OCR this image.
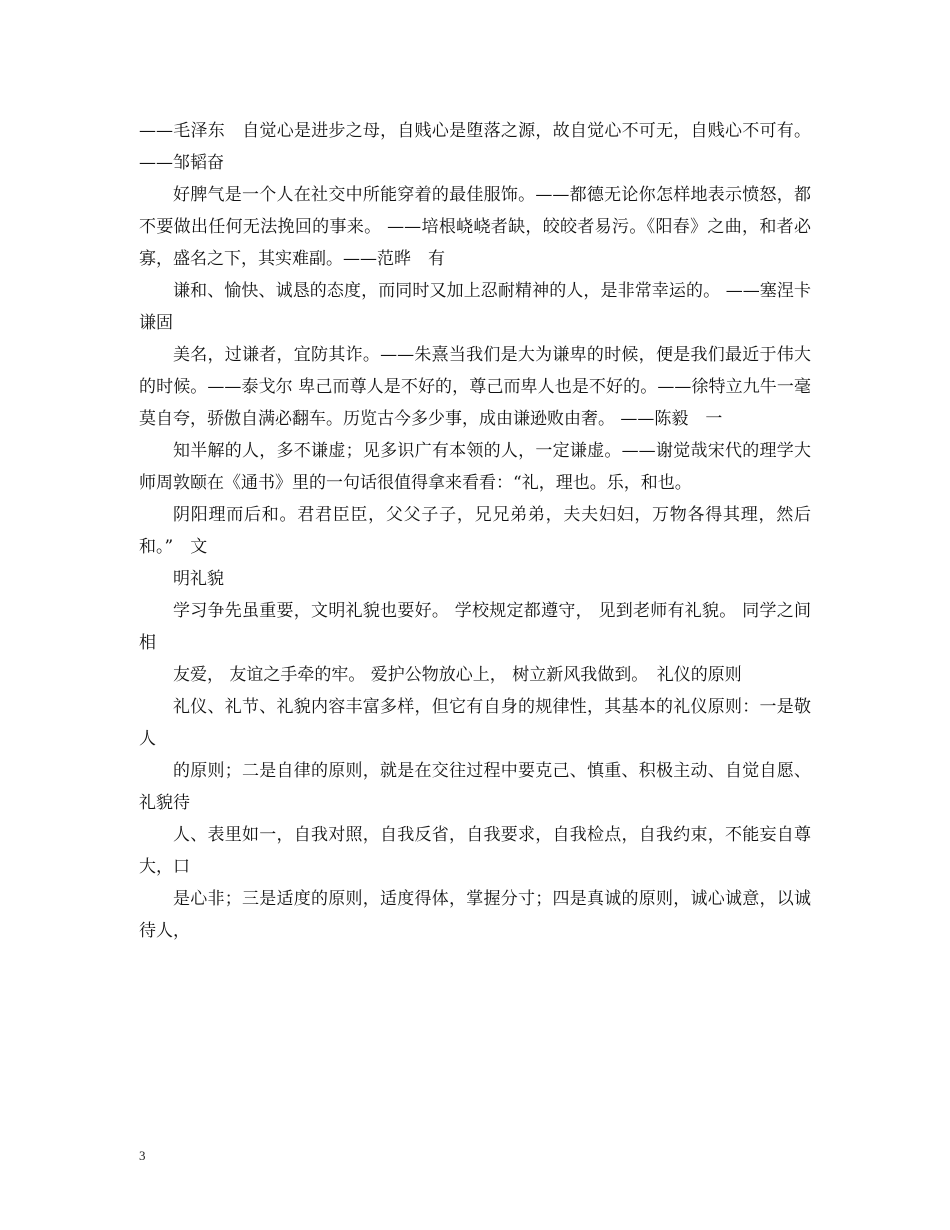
——毛泽东　自觉心是进步之母，自贱心是堕落之源，故自觉心不可无，自贱心不可有。 ——邹韬奋

好脾气是一个人在社交中所能穿着的最佳服饰。——都德无论你怎样地表示愤怒，都不要做出任何无法挽回的事来。 ——培根峣峣者缺，皎皎者易污。《阳春》之曲，和者必寡，盛名之下，其实难副。——范晔　有

谦和、愉快、诚恳的态度，而同时又加上忍耐精神的人，是非常幸运的。 ——塞涅卡　谦固

美名，过谦者，宜防其诈。——朱熹当我们是大为谦卑的时候，便是我们最近于伟大的时候。——泰戈尔 卑己而尊人是不好的，尊己而卑人也是不好的。——徐特立九牛一毫莫自夸，骄傲自满必翻车。历览古今多少事，成由谦逊败由奢。 ——陈毅　一

知半解的人，多不谦虚；见多识广有本领的人，一定谦虚。——谢觉哉宋代的理学大师周敦颐在《通书》里的一句话很值得拿来看看：“礼，理也。乐，和也。

阴阳理而后和。君君臣臣，父父子子，兄兄弟弟，夫夫妇妇，万物各得其理，然后和。”　文

明礼貌

学习争先虽重要，文明礼貌也要好。 学校规定都遵守， 见到老师有礼貌。 同学之间相

友爱， 友谊之手牵的牢。 爱护公物放心上， 树立新风我做到。　礼仪的原则

礼仪、礼节、礼貌内容丰富多样，但它有自身的规律性，其基本的礼仪原则：一是敬人

的原则；二是自律的原则，就是在交往过程中要克己、慎重、积极主动、自觉自愿、礼貌待

人、表里如一，自我对照，自我反省，自我要求，自我检点，自我约束，不能妄自尊大，口

是心非；三是适度的原则，适度得体，掌握分寸；四是真诚的原则，诚心诚意，以诚待人，

3
